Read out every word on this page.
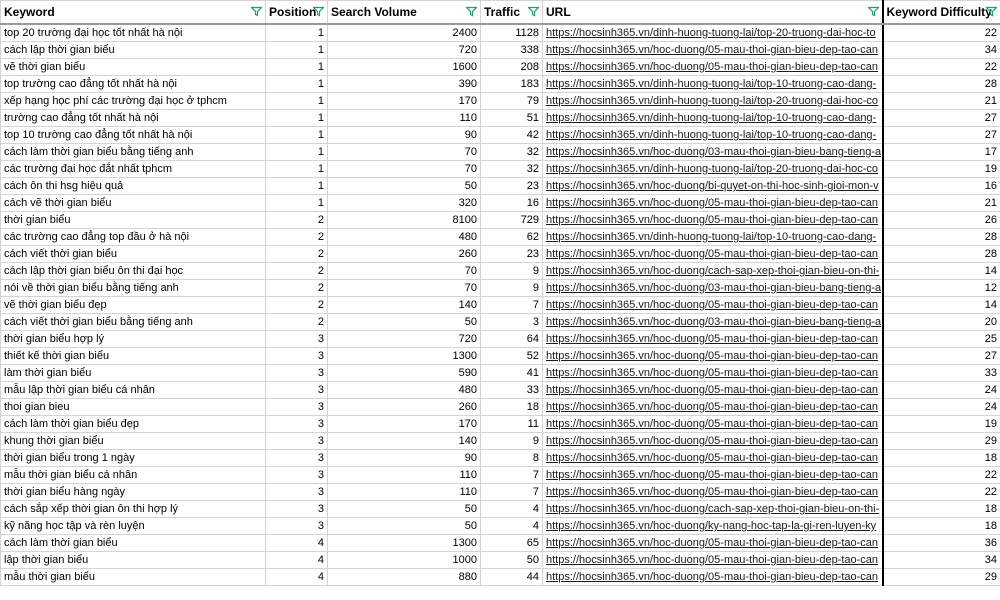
Keyword	Position	Search Volume	Traffic	URL	Keyword Difficulty

top 20 trường đại học tốt nhất hà nội	1	2400	1128	https://hocsinh365.vn/dinh-huong-tuong-lai/top-20-truong-dai-hoc-to	22
cách lập thời gian biểu	1	720	338	https://hocsinh365.vn/hoc-duong/05-mau-thoi-gian-bieu-dep-tao-can	34
vẽ thời gian biểu	1	1600	208	https://hocsinh365.vn/hoc-duong/05-mau-thoi-gian-bieu-dep-tao-can	22
top trường cao đẳng tốt nhất hà nội	1	390	183	https://hocsinh365.vn/dinh-huong-tuong-lai/top-10-truong-cao-dang-	28
xếp hạng học phí các trường đại học ở tphcm	1	170	79	https://hocsinh365.vn/dinh-huong-tuong-lai/top-20-truong-dai-hoc-co	21
trường cao đẳng tốt nhất hà nội	1	110	51	https://hocsinh365.vn/dinh-huong-tuong-lai/top-10-truong-cao-dang-	27
top 10 trường cao đẳng tốt nhất hà nội	1	90	42	https://hocsinh365.vn/dinh-huong-tuong-lai/top-10-truong-cao-dang-	27
cách làm thời gian biểu bằng tiếng anh	1	70	32	https://hocsinh365.vn/hoc-duong/03-mau-thoi-gian-bieu-bang-tieng-a	17
các trường đại học đắt nhất tphcm	1	70	32	https://hocsinh365.vn/dinh-huong-tuong-lai/top-20-truong-dai-hoc-co	19
cách ôn thi hsg hiệu quả	1	50	23	https://hocsinh365.vn/hoc-duong/bi-quyet-on-thi-hoc-sinh-gioi-mon-v	16
cách vẽ thời gian biểu	1	320	16	https://hocsinh365.vn/hoc-duong/05-mau-thoi-gian-bieu-dep-tao-can	21
thời gian biểu	2	8100	729	https://hocsinh365.vn/hoc-duong/05-mau-thoi-gian-bieu-dep-tao-can	26
các trường cao đẳng top đầu ở hà nội	2	480	62	https://hocsinh365.vn/dinh-huong-tuong-lai/top-10-truong-cao-dang-	28
cách viết thời gian biểu	2	260	23	https://hocsinh365.vn/hoc-duong/05-mau-thoi-gian-bieu-dep-tao-can	28
cách lập thời gian biểu ôn thi đại học	2	70	9	https://hocsinh365.vn/hoc-duong/cach-sap-xep-thoi-gian-bieu-on-thi-	14
nói về thời gian biểu bằng tiếng anh	2	70	9	https://hocsinh365.vn/hoc-duong/03-mau-thoi-gian-bieu-bang-tieng-a	12
vẽ thời gian biểu đẹp	2	140	7	https://hocsinh365.vn/hoc-duong/05-mau-thoi-gian-bieu-dep-tao-can	14
cách viết thời gian biểu bằng tiếng anh	2	50	3	https://hocsinh365.vn/hoc-duong/03-mau-thoi-gian-bieu-bang-tieng-a	20
thời gian biểu hợp lý	3	720	64	https://hocsinh365.vn/hoc-duong/05-mau-thoi-gian-bieu-dep-tao-can	25
thiết kế thời gian biểu	3	1300	52	https://hocsinh365.vn/hoc-duong/05-mau-thoi-gian-bieu-dep-tao-can	27
làm thời gian biểu	3	590	41	https://hocsinh365.vn/hoc-duong/05-mau-thoi-gian-bieu-dep-tao-can	33
mẫu lập thời gian biểu cá nhân	3	480	33	https://hocsinh365.vn/hoc-duong/05-mau-thoi-gian-bieu-dep-tao-can	24
thoi gian bieu	3	260	18	https://hocsinh365.vn/hoc-duong/05-mau-thoi-gian-bieu-dep-tao-can	24
cách làm thời gian biểu đẹp	3	170	11	https://hocsinh365.vn/hoc-duong/05-mau-thoi-gian-bieu-dep-tao-can	19
khung thời gian biểu	3	140	9	https://hocsinh365.vn/hoc-duong/05-mau-thoi-gian-bieu-dep-tao-can	29
thời gian biểu trong 1 ngày	3	90	8	https://hocsinh365.vn/hoc-duong/05-mau-thoi-gian-bieu-dep-tao-can	18
mẫu thời gian biểu cá nhân	3	110	7	https://hocsinh365.vn/hoc-duong/05-mau-thoi-gian-bieu-dep-tao-can	22
thời gian biểu hàng ngày	3	110	7	https://hocsinh365.vn/hoc-duong/05-mau-thoi-gian-bieu-dep-tao-can	22
cách sắp xếp thời gian ôn thi hợp lý	3	50	4	https://hocsinh365.vn/hoc-duong/cach-sap-xep-thoi-gian-bieu-on-thi-	18
kỹ năng học tập và rèn luyện	3	50	4	https://hocsinh365.vn/hoc-duong/ky-nang-hoc-tap-la-gi-ren-luyen-ky	18
cách làm thời gian biểu	4	1300	65	https://hocsinh365.vn/hoc-duong/05-mau-thoi-gian-bieu-dep-tao-can	36
lập thời gian biểu	4	1000	50	https://hocsinh365.vn/hoc-duong/05-mau-thoi-gian-bieu-dep-tao-can	34
mẫu thời gian biểu	4	880	44	https://hocsinh365.vn/hoc-duong/05-mau-thoi-gian-bieu-dep-tao-can	29
